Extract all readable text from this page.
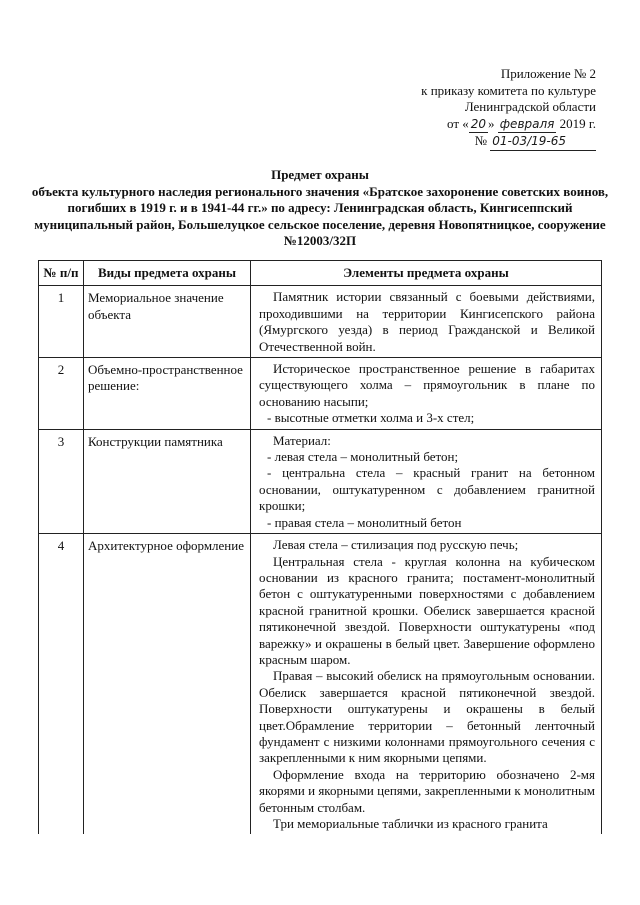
Приложение № 2
к приказу комитета по культуре
Ленинградской области
от « 20 » февраля 2019 г.
№ 01-03/19-65
Предмет охраны
объекта культурного наследия регионального значения «Братское захоронение советских воинов, погибших в 1919 г. и в 1941-44 гг.» по адресу: Ленинградская область, Кингисеппский муниципальный район, Большелуцкое сельское поселение, деревня Новопятницкое, сооружение №12003/32П
№ п/п	Виды предмета охраны	Элементы предмета охраны
1	Мемориальное значение объекта	Памятник истории связанный с боевыми действиями, проходившими на территории Кингисепского района (Ямургского уезда) в период Гражданской и Великой Отечественной войн.

2	Объемно-пространственное решение:	Историческое пространственное решение в габаритах существующего холма – прямоугольник в плане по основанию насыпи;

- высотные отметки холма и 3-х стел;

3	Конструкции памятника	Материал:

- левая стела – монолитный бетон;

- центральна стела – красный гранит на бетонном основании, оштукатуренном с добавлением гранитной крошки;

- правая стела – монолитный бетон

4	Архитектурное оформление	Левая стела – стилизация под русскую печь;

Центральная стела - круглая колонна на кубическом основании из красного гранита; постамент-монолитный бетон с оштукатуренными поверхностями с добавлением красной гранитной крошки. Обелиск завершается красной пятиконечной звездой. Поверхности оштукатурены «под варежку» и окрашены в белый цвет. Завершение оформлено красным шаром.

Правая – высокий обелиск на прямоугольным основании. Обелиск завершается красной пятиконечной звездой. Поверхности оштукатурены и окрашены в белый цвет.Обрамление территории – бетонный ленточный фундамент с низкими колоннами прямоугольного сечения с закрепленными к ним якорными цепями.

Оформление входа на территорию обозначено 2-мя якорями и якорными цепями, закрепленными к монолитным бетонным столбам.

Три мемориальные таблички из красного гранита
